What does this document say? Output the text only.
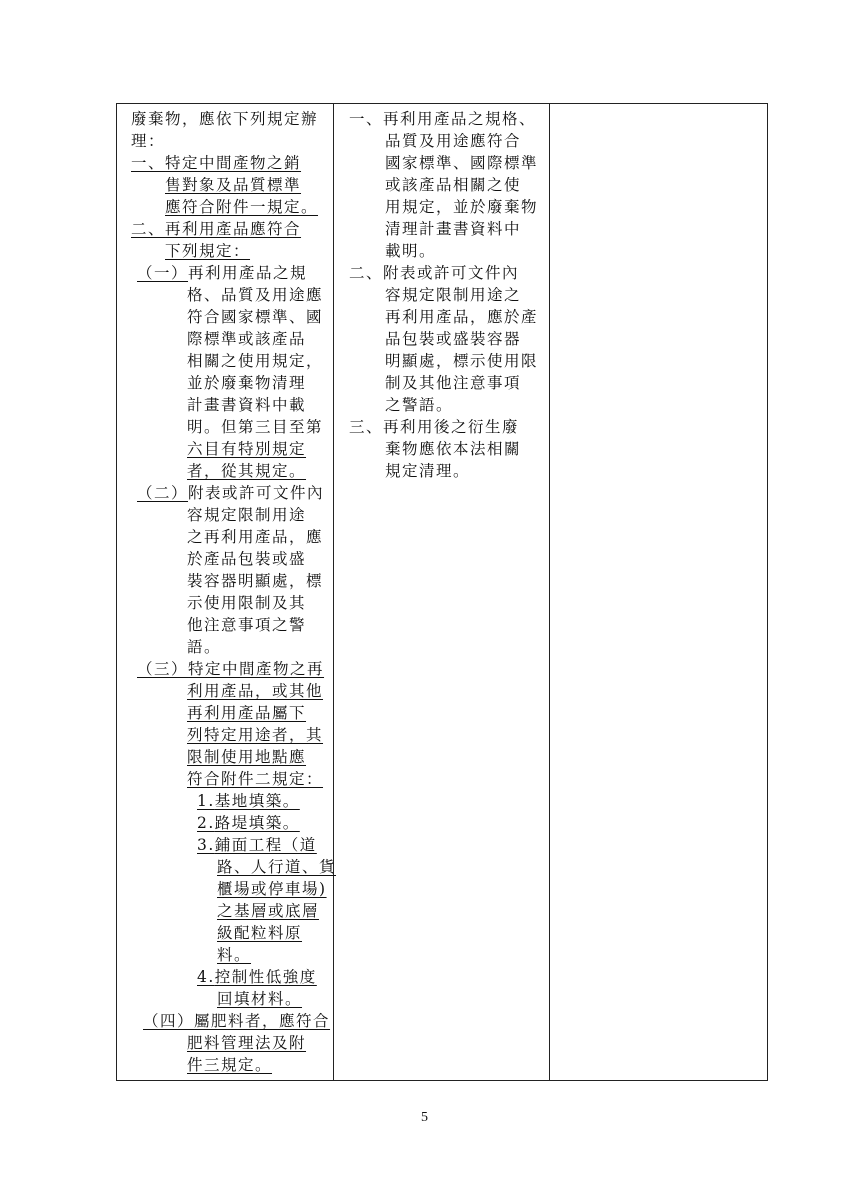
廢棄物，應依下列規定辦
理：
一、特定中間產物之銷
售對象及品質標準
應符合附件一規定。
二、再利用產品應符合
下列規定：
（一）再利用產品之規
格、品質及用途應
符合國家標準、國
際標準或該產品
相關之使用規定，
並於廢棄物清理
計畫書資料中載
明。但第三目至第
六目有特別規定
者，從其規定。
（二）附表或許可文件內
容規定限制用途
之再利用產品，應
於產品包裝或盛
裝容器明顯處，標
示使用限制及其
他注意事項之警
語。
（三）特定中間產物之再
利用產品，或其他
再利用產品屬下
列特定用途者，其
限制使用地點應
符合附件二規定：
1.基地填築。
2.路堤填築。
3.鋪面工程（道
路、人行道、貨
櫃場或停車場)
之基層或底層
級配粒料原
料。
4.控制性低強度
回填材料。
（四）屬肥料者，應符合
肥料管理法及附
件三規定。
一、再利用產品之規格、
品質及用途應符合
國家標準、國際標準
或該產品相關之使
用規定，並於廢棄物
清理計畫書資料中
載明。
二、附表或許可文件內
容規定限制用途之
再利用產品，應於產
品包裝或盛裝容器
明顯處，標示使用限
制及其他注意事項
之警語。
三、再利用後之衍生廢
棄物應依本法相關
規定清理。
5
